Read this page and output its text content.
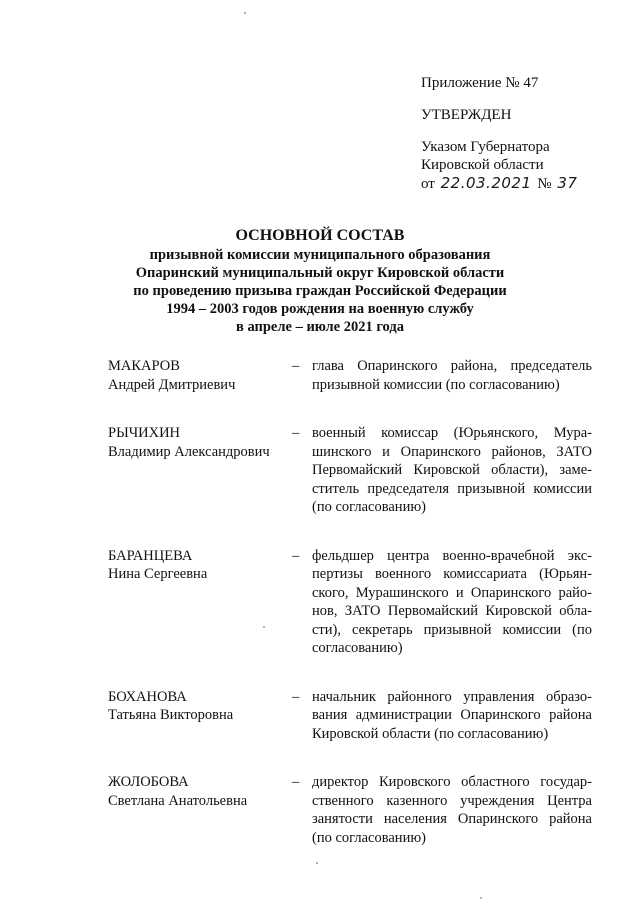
Приложение № 47
УТВЕРЖДЕН
Указом Губернатора
Кировской области
от 22.03.2021 № 37
ОСНОВНОЙ СОСТАВ
призывной комиссии муниципального образования
Опаринский муниципальный округ Кировской области
по проведению призыва граждан Российской Федерации
1994 – 2003 годов рождения на военную службу
в апреле – июле 2021 года
МАКАРОВ
Андрей Дмитриевич
– глава Опаринского района, председатель призывной комиссии (по согласованию)
РЫЧИХИН
Владимир Александрович
– военный комиссар (Юрьянского, Мурашинского и Опаринского районов, ЗАТО Первомайский Кировской области), заместитель председателя призывной комиссии (по согласованию)
БАРАНЦЕВА
Нина Сергеевна
– фельдшер центра военно-врачебной экспертизы военного комиссариата (Юрьянского, Мурашинского и Опаринского районов, ЗАТО Первомайский Кировской области), секретарь призывной комиссии (по согласованию)
БОХАНОВА
Татьяна Викторовна
– начальник районного управления образования администрации Опаринского района Кировской области (по согласованию)
ЖОЛОБОВА
Светлана Анатольевна
– директор Кировского областного государственного казенного учреждения Центра занятости населения Опаринского района (по согласованию)
